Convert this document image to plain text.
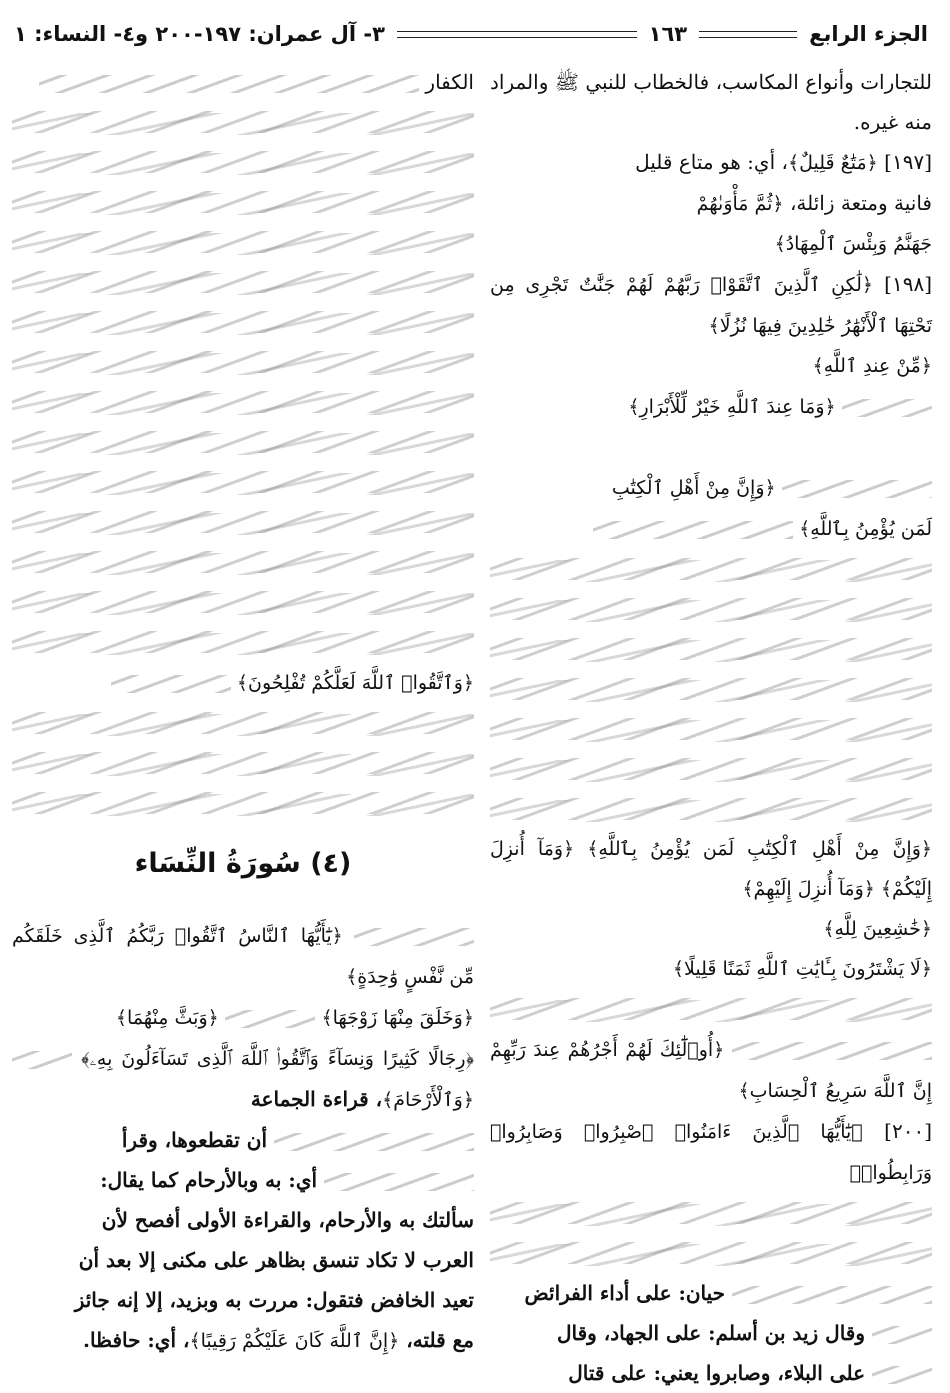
الجزء الرابع
١٦٣
٣- آل عمران: ١٩٧-٢٠٠ و٤- النساء: ١

للتجارات وأنواع المكاسب، فالخطاب للنبي ﷺ والمراد منه غيره.

[١٩٧] ﴿مَتَٰعٌ قَلِيلٌ﴾، أي: هو متاع قليل

فانية ومتعة زائلة، ﴿ثُمَّ مَأْوَىٰهُمْ

جَهَنَّمُ وَبِئْسَ ٱلْمِهَادُ﴾

[١٩٨] ﴿لَٰكِنِ ٱلَّذِينَ ٱتَّقَوْا۟ رَبَّهُمْ لَهُمْ جَنَّٰتٌ تَجْرِى مِن تَحْتِهَا ٱلْأَنْهَٰرُ خَٰلِدِينَ فِيهَا نُزُلًا﴾

﴿مِّنْ عِندِ ٱللَّهِ﴾

﴿وَمَا عِندَ ٱللَّهِ خَيْرٌ لِّلْأَبْرَارِ﴾

﴿وَإِنَّ مِنْ أَهْلِ ٱلْكِتَٰبِ

لَمَن يُؤْمِنُ بِٱللَّهِ﴾

﴿وَإِنَّ مِنْ أَهْلِ ٱلْكِتَٰبِ لَمَن يُؤْمِنُ بِٱللَّهِ﴾ ﴿وَمَآ أُنزِلَ إِلَيْكُمْ﴾ ﴿وَمَآ أُنزِلَ إِلَيْهِمْ﴾

﴿خَٰشِعِينَ لِلَّهِ﴾

﴿لَا يَشْتَرُونَ بِـَٔايَٰتِ ٱللَّهِ ثَمَنًا قَلِيلًا﴾

﴿أُو۟لَٰٓئِكَ لَهُمْ أَجْرُهُمْ عِندَ رَبِّهِمْ إِنَّ ٱللَّهَ سَرِيعُ ٱلْحِسَابِ﴾

[٢٠٠] ﴿يَٰٓأَيُّهَا ٱلَّذِينَ ءَامَنُوا۟ ٱصْبِرُوا۟ وَصَابِرُوا۟ وَرَابِطُوا۟﴾

حيان: على أداء الفرائض

وقال زيد بن أسلم: على الجهاد، وقال

على البلاء، وصابروا يعني: على قتال

الكفار

﴿وَٱتَّقُوا۟ ٱللَّهَ لَعَلَّكُمْ تُفْلِحُونَ﴾

(٤) سُورَةُ النِّسَاء

﴿يَٰٓأَيُّهَا ٱلنَّاسُ ٱتَّقُوا۟ رَبَّكُمُ ٱلَّذِى خَلَقَكُم مِّن نَّفْسٍ وَٰحِدَةٍ﴾

﴿وَخَلَقَ مِنْهَا زَوْجَهَا﴾  ﴿وَبَثَّ مِنْهُمَا﴾

﴿رِجَالًا كَثِيرًا وَنِسَآءً وَٱتَّقُوا۟ ٱللَّهَ ٱلَّذِى تَسَآءَلُونَ بِهِۦ﴾  ﴿وَٱلْأَرْحَامَ﴾، قراءة الجماعة

أن تقطعوها، وقرأ

أي: به وبالأرحام كما يقال:

سألتك به والأرحام، والقراءة الأولى أفصح لأن

العرب لا تكاد تنسق بظاهر على مكنى إلا بعد أن

تعيد الخافض فتقول: مررت به وبزيد، إلا إنه جائز

مع قلته، ﴿إِنَّ ٱللَّهَ كَانَ عَلَيْكُمْ رَقِيبًا﴾، أي: حافظا.
